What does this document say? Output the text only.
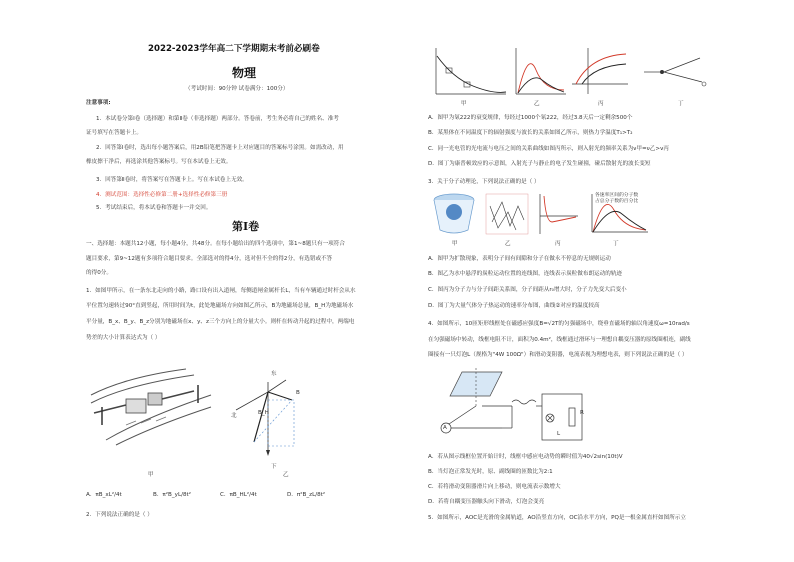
2022-2023学年高二下学期期末考前必刷卷
物理
（考试时间：90分钟 试卷满分：100分）
注意事项:
1．本试卷分第Ⅰ卷（选择题）和第Ⅱ卷（非选择题）两部分。答卷前，考生务必将自己的姓名、准考
证号填写在答题卡上。
2．回答第Ⅰ卷时，选出每小题答案后，用2B铅笔把答题卡上对应题目的答案标号涂黑。如需改动，用
橡皮擦干净后，再选涂其他答案标号。写在本试卷上无效。
3．回答第Ⅱ卷时，将答案写在答题卡上。写在本试卷上无效。
4．测试范围：选择性必修第二册+选择性必修第三册
5．考试结束后，将本试卷和答题卡一并交回。
第Ⅰ卷
一、选择题：本题共12小题，每小题4分，共48分。在每小题给出的四个选项中，第1~8题只有一项符合
题目要求，第9~12题有多项符合题目要求。全部选对的得4分，选对但不全的得2分，有选错或不答
的得0分。
1．如图甲所示，在一条东北走向的小路，路口设有出入道闸，每侧道闸金属杆长L，当有车辆通过时杆会从水
平位置匀速转过90°直到竖起，所用时间为t，此处地磁场方向如图乙所示，B为地磁场总量，B_H为地磁场水
平分量，B_x、B_y、B_z分别为地磁场在x、y、z三个方向上的分量大小。则杆在转动升起的过程中，两端电
势差的大小计算表达式为（ ）
甲
东
北
下
B
B_H
乙
A．πB_xL²/4t	B．π²B_yL/8t²	C．πB_HL²/4t	D．π²B_zL/8t²
2．下列说法正确的是（ ）
甲	乙	丙	丁
A．图甲为氡222的衰变规律，每经过1000个氡222，经过3.8天后一定剩余500个
B．某黑体在不同温度下的辐射强度与波长的关系如图乙所示，则热力学温度T₁>T₂
C．同一光电管的光电流与电压之间的关系曲线如图丙所示，则入射光的频率关系为ν甲=ν乙>ν丙
D．图丁为康普顿效应的示意图，入射光子与静止的电子发生碰撞，碰后散射光的波长变短
3．关于分子动理论，下列说法正确的是（ ）
各速率区间的分子数
占总分子数的百分比
甲	乙	丙	丁
A．图甲为扩散现象，表明分子间有间隙和分子在做永不停息的无规则运动
B．图乙为水中悬浮的炭粒运动位置的连线图，连线表示炭粒做布朗运动的轨迹
C．图丙为分子力与分子间距关系图，分子间距从r₀增大时，分子力先变大后变小
D．图丁为大量气体分子热运动的速率分布图，曲线②对应的温度较高
4．如图所示，10匝矩形线框处在磁感应强度B=√2T的匀强磁场中，绕垂直磁场的轴以角速度ω=10rad/s
在匀强磁场中转动，线框电阻不计，面积为0.4m²，线框通过滑环与一理想自耦变压器的原线圈相连，副线
圈接有一只灯泡L（规格为"4W 100Ω"）和滑动变阻器，电流表视为理想电表，则下列说法正确的是（ ）
A
L
R
A．若从图示线框位置开始计时，线框中感应电动势的瞬时值为40√2sin(10t)V
B．当灯泡正常发光时，原、副线圈的匝数比为2:1
C．若将滑动变阻器滑片向上移动，则电流表示数增大
D．若将自耦变压器触头向下滑动，灯泡会变亮
5．如图所示，AOC是光滑的金属轨道，AO沿竖直方向，OC沿水平方向，PQ是一根金属直杆如图所示立
